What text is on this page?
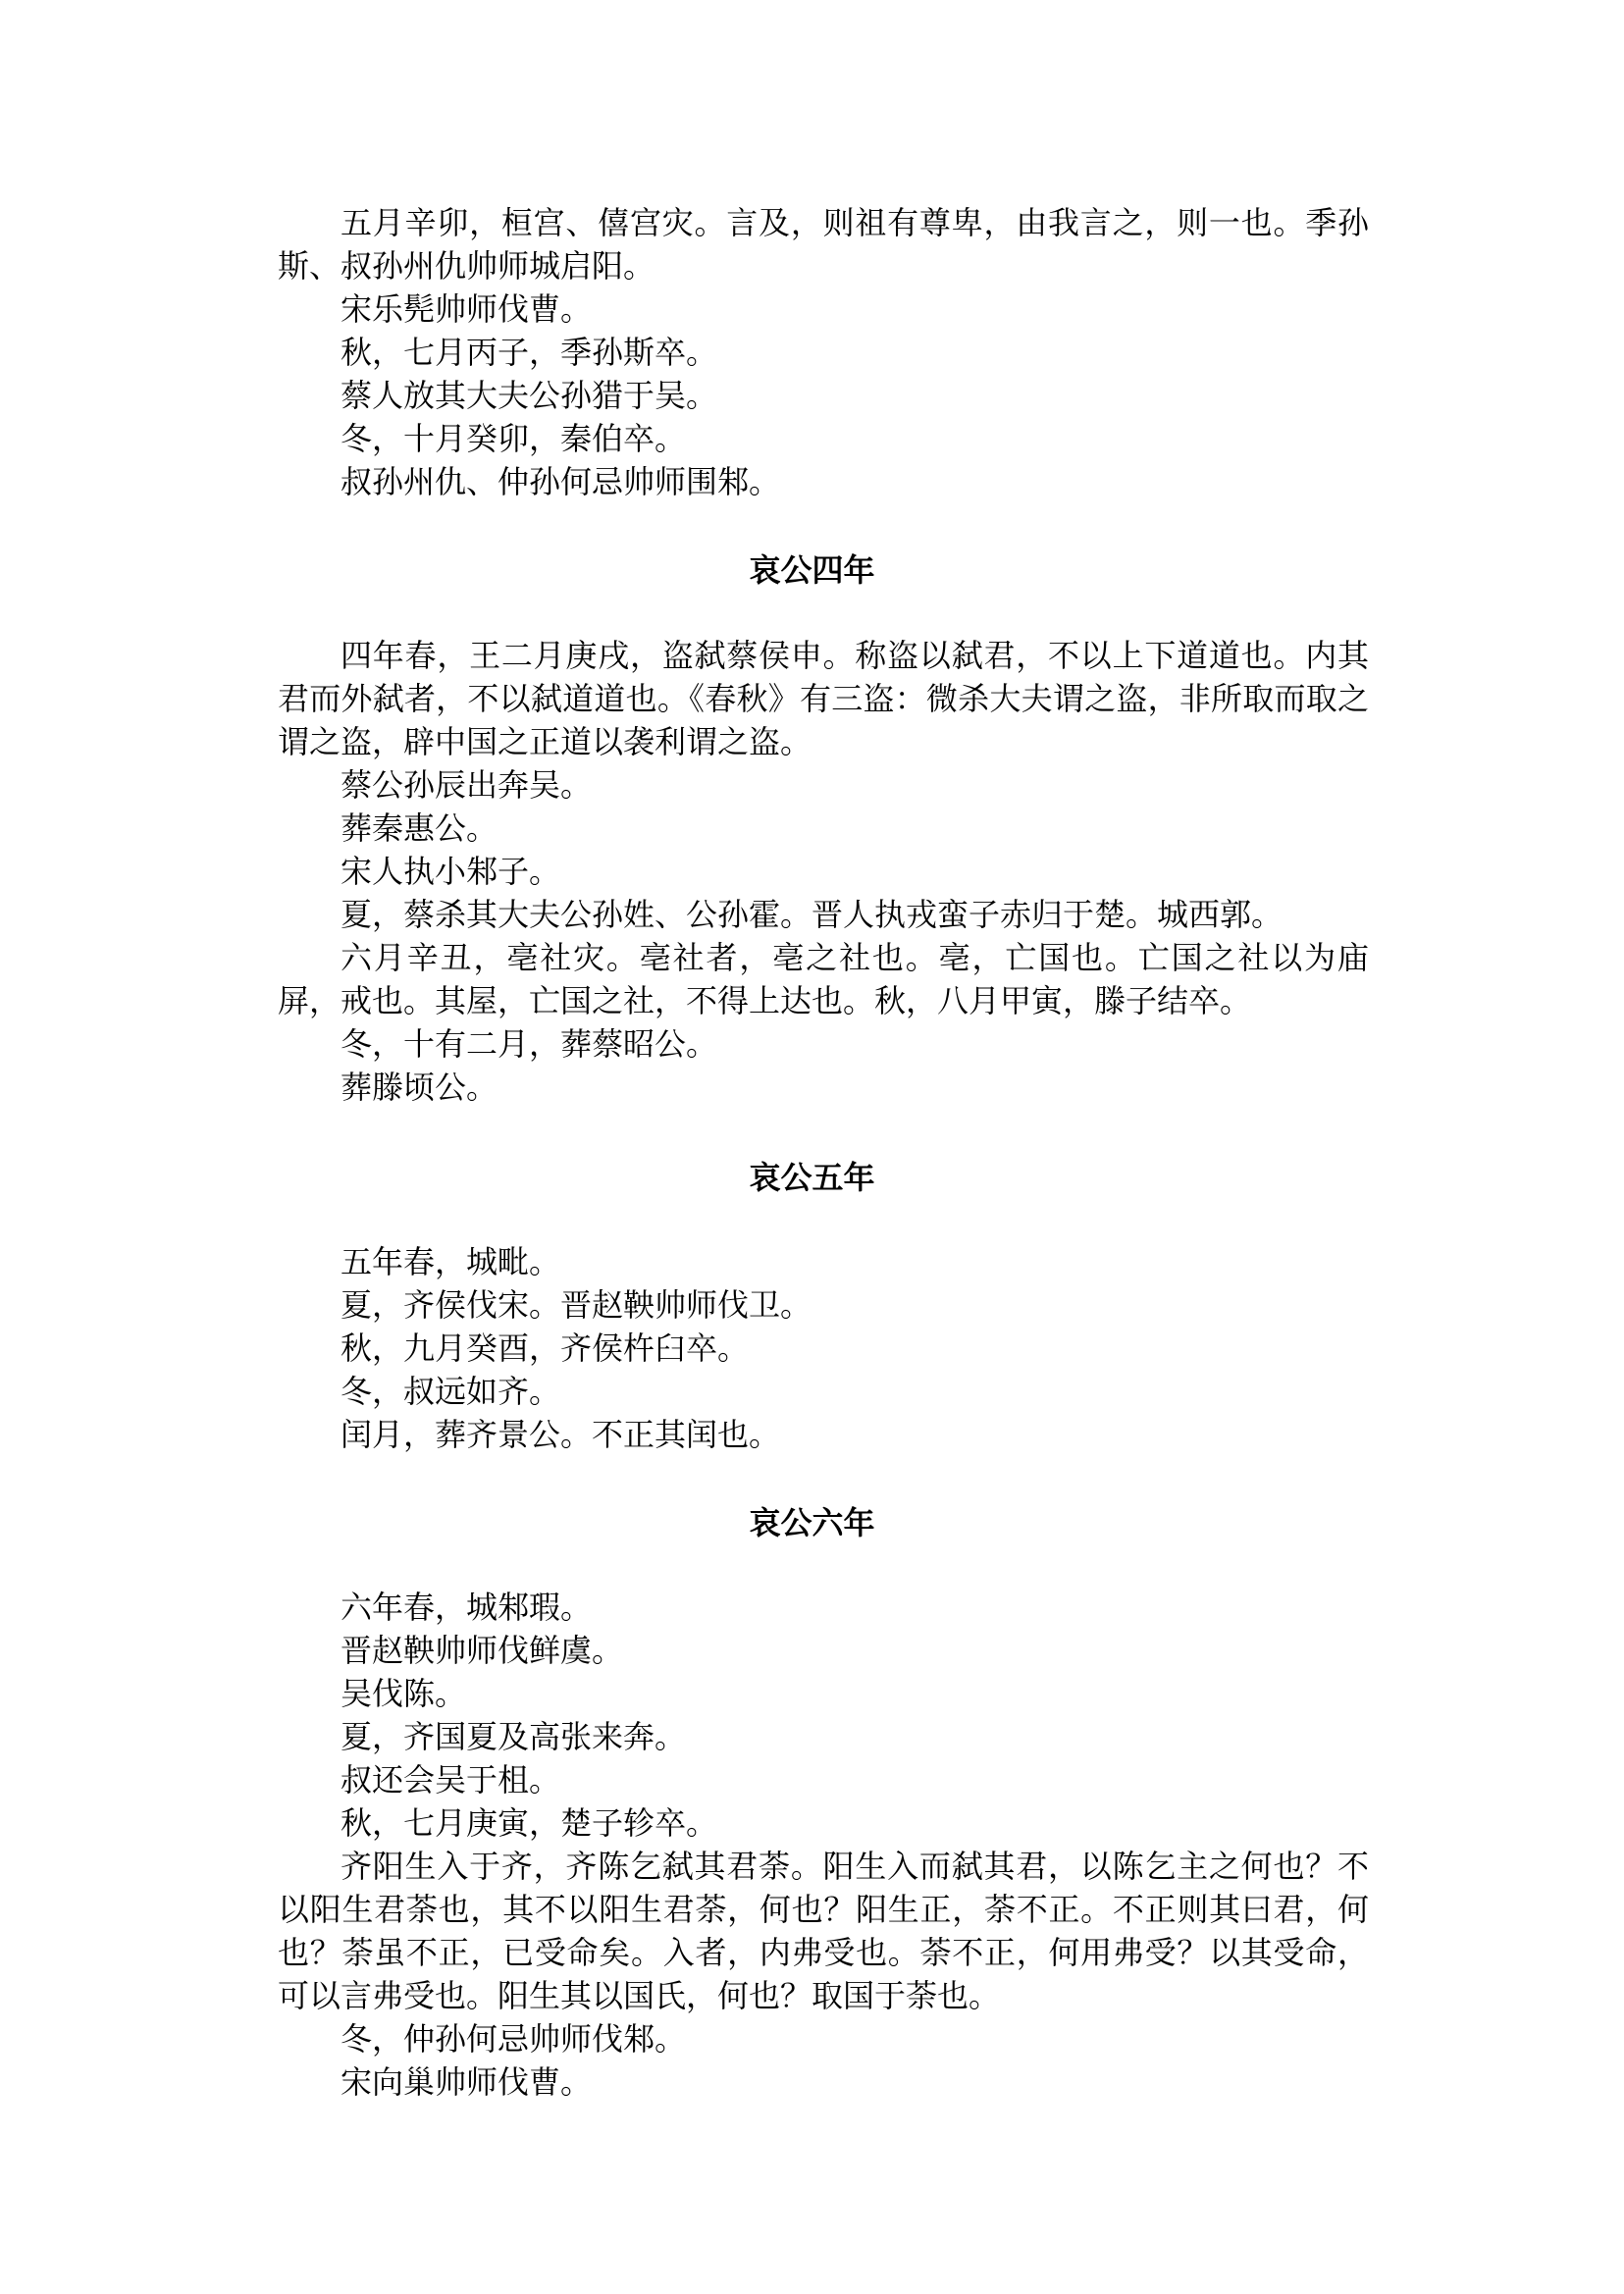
五月辛卯，桓宫、僖宫灾。言及，则祖有尊卑，由我言之，则一也。季孙斯、叔孙州仇帅师城启阳。

宋乐髡帅师伐曹。

秋，七月丙子，季孙斯卒。

蔡人放其大夫公孙猎于吴。

冬，十月癸卯，秦伯卒。

叔孙州仇、仲孙何忌帅师围邾。

哀公四年

四年春，王二月庚戌，盗弑蔡侯申。称盗以弑君，不以上下道道也。内其君而外弑者，不以弑道道也。《春秋》有三盗：微杀大夫谓之盗，非所取而取之谓之盗，辟中国之正道以袭利谓之盗。

蔡公孙辰出奔吴。

葬秦惠公。

宋人执小邾子。

夏，蔡杀其大夫公孙姓、公孙霍。晋人执戎蛮子赤归于楚。城西郭。

六月辛丑，亳社灾。亳社者，亳之社也。亳，亡国也。亡国之社以为庙屏，戒也。其屋，亡国之社，不得上达也。秋，八月甲寅，滕子结卒。

冬，十有二月，葬蔡昭公。

葬滕顷公。

哀公五年

五年春，城毗。

夏，齐侯伐宋。晋赵鞅帅师伐卫。

秋，九月癸酉，齐侯杵臼卒。

冬，叔远如齐。

闰月，葬齐景公。不正其闰也。

哀公六年

六年春，城邾瑕。

晋赵鞅帅师伐鲜虞。

吴伐陈。

夏，齐国夏及高张来奔。

叔还会吴于柤。

秋，七月庚寅，楚子轸卒。

齐阳生入于齐，齐陈乞弑其君荼。阳生入而弑其君，以陈乞主之何也？不以阳生君荼也，其不以阳生君荼，何也？阳生正，荼不正。不正则其曰君，何也？荼虽不正，已受命矣。入者，内弗受也。荼不正，何用弗受？以其受命，可以言弗受也。阳生其以国氏，何也？取国于荼也。

冬，仲孙何忌帅师伐邾。

宋向巢帅师伐曹。
